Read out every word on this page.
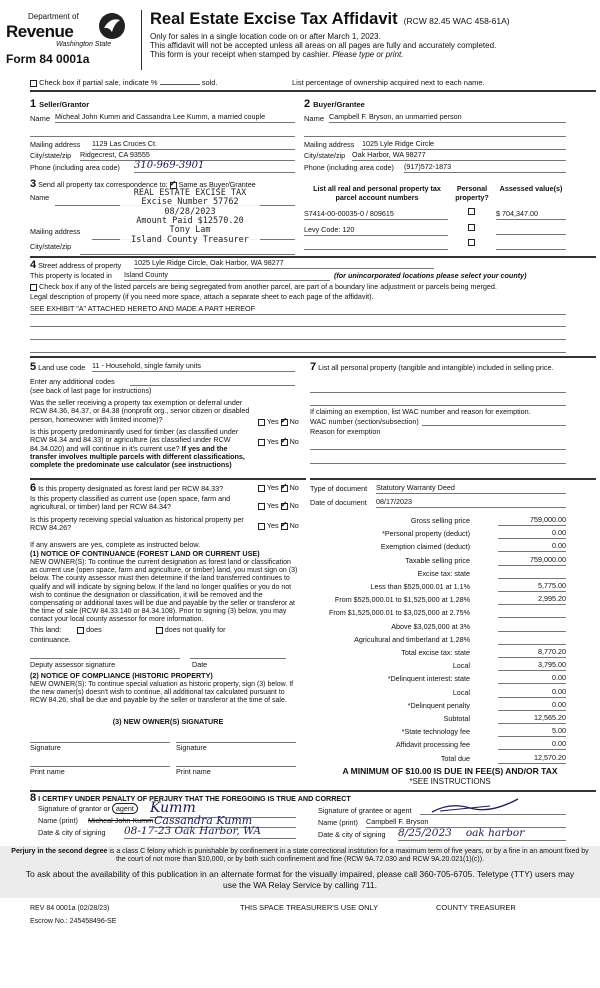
Department of
Revenue
Washington State
Form 84 0001a
Real Estate Excise Tax Affidavit (RCW 82.45 WAC 458-61A)
Only for sales in a single location code on or after March 1, 2023.
This affidavit will not be accepted unless all areas on all pages are fully and accurately completed.
This form is your receipt when stamped by cashier. Please type or print.
Check box if partial sale, indicate %	sold.	List percentage of ownership acquired next to each name.
1 Seller/Grantor
Name Micheal John Kumm and Cassandra Lee Kumm, a married couple
Mailing address 1129 Las Cruces Ct.
City/state/zip Ridgecrest, CA 93555
Phone (including area code) 310-969-3901
2 Buyer/Grantee
Name Campbell F. Bryson, an unmarried person
Mailing address 1025 Lyle Ridge Circle
City/state/zip Oak Harbor, WA 98277
Phone (including area code) (917)572-1873
3 Send all property tax correspondence to: ✓ Same as Buyer/Grantee
Name
Mailing address
City/state/zip
REAL ESTATE EXCISE TAX
Excise Number 57762
08/28/2023
Amount Paid $12570.20
Tony Lam
Island County Treasurer
List all real and personal property tax parcel account numbers
Personal property?
Assessed value(s)
S7414-00-00035-0 / 809615	$ 704,347.00
Levy Code: 120
4 Street address of property 1025 Lyle Ridge Circle, Oak Harbor, WA 98277
This property is located in Island County	(for unincorporated locations please select your county)
Check box if any of the listed parcels are being segregated from another parcel, are part of a boundary line adjustment or parcels being merged.
Legal description of property (if you need more space, attach a separate sheet to each page of the affidavit).
SEE EXHIBIT "A" ATTACHED HERETO AND MADE A PART HEREOF
5 Land use code 11 - Household, single family units
Enter any additional codes
(see back of last page for instructions)
Was the seller receiving a property tax exemption or deferral under RCW 84.36, 84.37, or 84.38 (nonprofit org., senior citizen or disabled person, homeowner with limited income)?	Yes ✓ No
Is this property predominantly used for timber (as classified under RCW 84.34 and 84.33) or agriculture (as classified under RCW 84.34.020) and will continue in it's current use? If yes and the transfer involves multiple parcels with different classifications, complete the predominate use calculator (see instructions)
Yes ✓ No
6 Is this property designated as forest land per RCW 84.33?	Yes ✓ No
Is this property classified as current use (open space, farm and agricultural, or timber) land per RCW 84.34?	Yes ✓ No
Is this property receiving special valuation as historical property per RCW 84.26?	Yes ✓ No
If any answers are yes, complete as instructed below.
(1) NOTICE OF CONTINUANCE (FOREST LAND OR CURRENT USE)
NEW OWNER(S): To continue the current designation as forest land or classification as current use (open space, farm and agriculture, or timber) land, you must sign on (3) below. The county assessor must then determine if the land transferred continues to qualify and will indicate by signing below. If the land no longer qualifies or you do not wish to continue the designation or classification, it will be removed and the compensating or additional taxes will be due and payable by the seller or transferor at the time of sale (RCW 84.33.140 or 84.34.108). Prior to signing (3) below, you may contact your local county assessor for more information.
This land:	does	does not qualify for
continuance.
Deputy assessor signature	Date
(2) NOTICE OF COMPLIANCE (HISTORIC PROPERTY)
NEW OWNER(S): To continue special valuation as historic property, sign (3) below. If the new owner(s) doesn't wish to continue, all additional tax calculated pursuant to RCW 84.26, shall be due and payable by the seller or transferor at the time of sale.
(3) NEW OWNER(S) SIGNATURE
Signature	Signature
Print name	Print name
7 List all personal property (tangible and intangible) included in selling price.
If claiming an exemption, list WAC number and reason for exemption.
WAC number (section/subsection)
Reason for exemption
Type of document Statutory Warranty Deed
Date of document 08/17/2023
Gross selling price	759,000.00
*Personal property (deduct)	0.00
Exemption claimed (deduct)	0.00
Taxable selling price	759,000.00
Excise tax: state
Less than $525,000.01 at 1.1%	5,775.00
From $525,000.01 to $1,525,000 at 1.28%	2,995.20
From $1,525,000.01 to $3,025,000 at 2.75%
Above $3,025,000 at 3%
Agricultural and timberland at 1.28%
Total excise tax: state	8,770.20
Local	3,795.00
*Delinquent interest: state	0.00
Local	0.00
*Delinquent penalty	0.00
Subtotal	12,565.20
*State technology fee	5.00
Affidavit processing fee	0.00
Total due	12,570.20
A MINIMUM OF $10.00 IS DUE IN FEE(S) AND/OR TAX
*SEE INSTRUCTIONS
8 I CERTIFY UNDER PENALTY OF PERJURY THAT THE FOREGOING IS TRUE AND CORRECT
Signature of grantor or agent Kumm
Name (print) Micheal John Kumm Cassandra Kumm
Date & city of signing 08-17-23 Oak Harbor, WA
Signature of grantee or agent
Name (print) Campbell F. Bryson
Date & city of signing 8/25/2023 oak harbor
Perjury in the second degree is a class C felony which is punishable by confinement in a state correctional institution for a maximum term of five years, or by a fine in an amount fixed by the court of not more than $10,000, or by both such confinement and fine (RCW 9A.72.030 and RCW 9A.20.021(1)(c)).
To ask about the availability of this publication in an alternate format for the visually impaired, please call 360-705-6705. Teletype (TTY) users may use the WA Relay Service by calling 711.
REV 84 0001a (02/28/23)	THIS SPACE TREASURER'S USE ONLY	COUNTY TREASURER
Escrow No.: 245458496-SE
